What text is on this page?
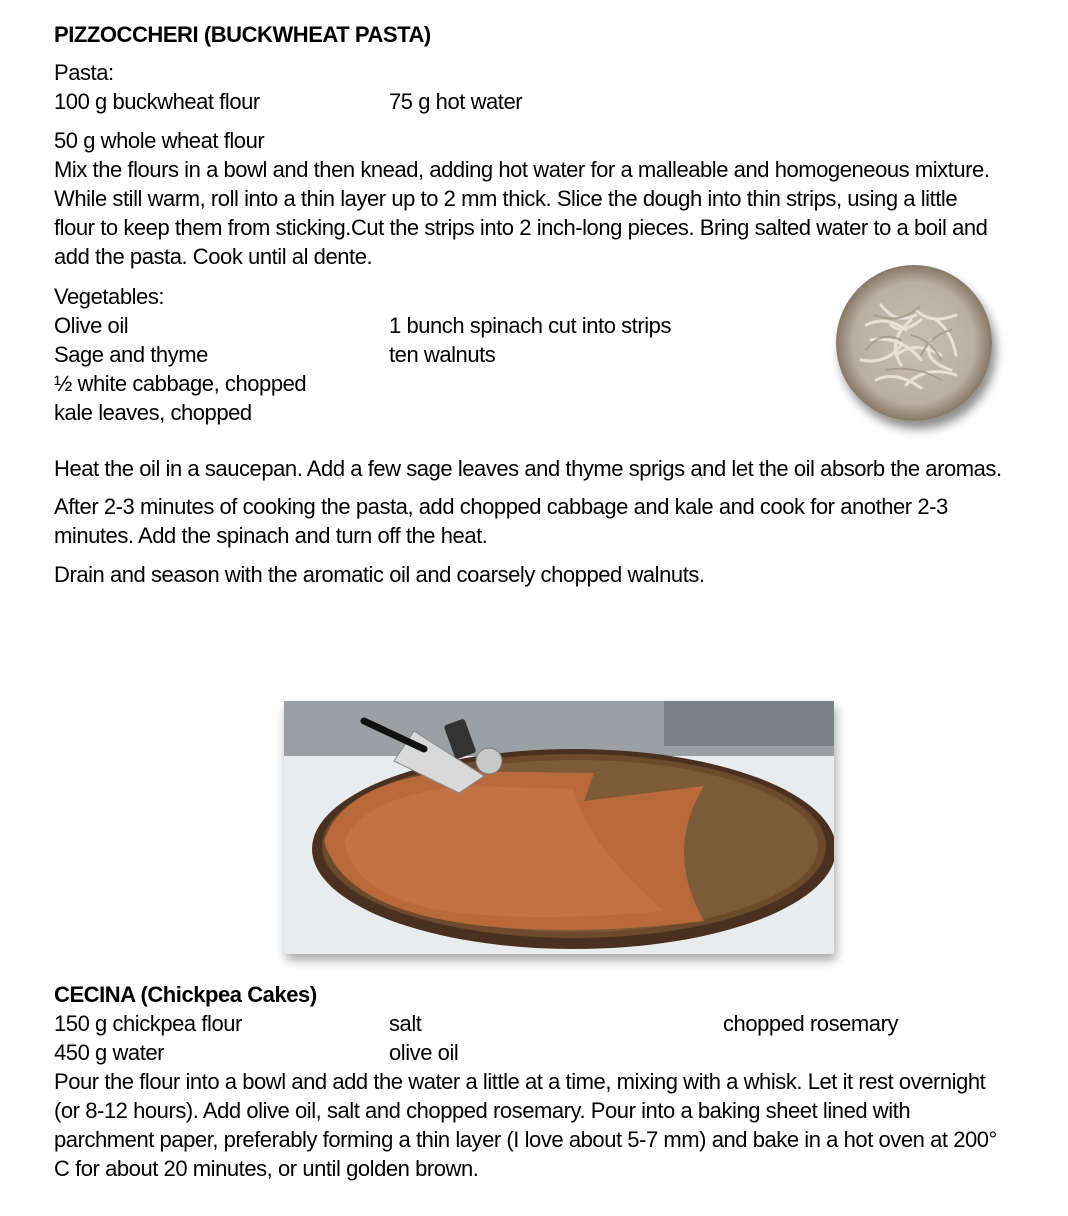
PIZZOCCHERI (BUCKWHEAT PASTA)
Pasta:
100 g buckwheat flour	75 g hot water
50 g whole wheat flour
Mix the flours in a bowl and then knead, adding hot water for a malleable and homogeneous mixture.
While still warm, roll into a thin layer up to 2 mm thick. Slice the dough into thin strips, using a little
flour to keep them from sticking.Cut the strips into 2 inch-long pieces. Bring salted water to a boil and
add the pasta. Cook until al dente.
Vegetables:
Olive oil
Sage and thyme
½ white cabbage, chopped
kale leaves, chopped
1 bunch spinach cut into strips
ten walnuts
Heat the oil in a saucepan. Add a few sage leaves and thyme sprigs and let the oil absorb the aromas.
After 2-3 minutes of cooking the pasta, add chopped cabbage and kale and cook for another 2-3
minutes. Add the spinach and turn off the heat.
Drain and season with the aromatic oil and coarsely chopped walnuts.
CECINA (Chickpea Cakes)
150 g chickpea flour
450 g water
salt
olive oil
chopped rosemary
Pour the flour into a bowl and add the water a little at a time, mixing with a whisk. Let it rest overnight
(or 8-12 hours). Add olive oil, salt and chopped rosemary. Pour into a baking sheet lined with
parchment paper, preferably forming a thin layer (I love about 5-7 mm) and bake in a hot oven at 200°
C for about 20 minutes, or until golden brown.
